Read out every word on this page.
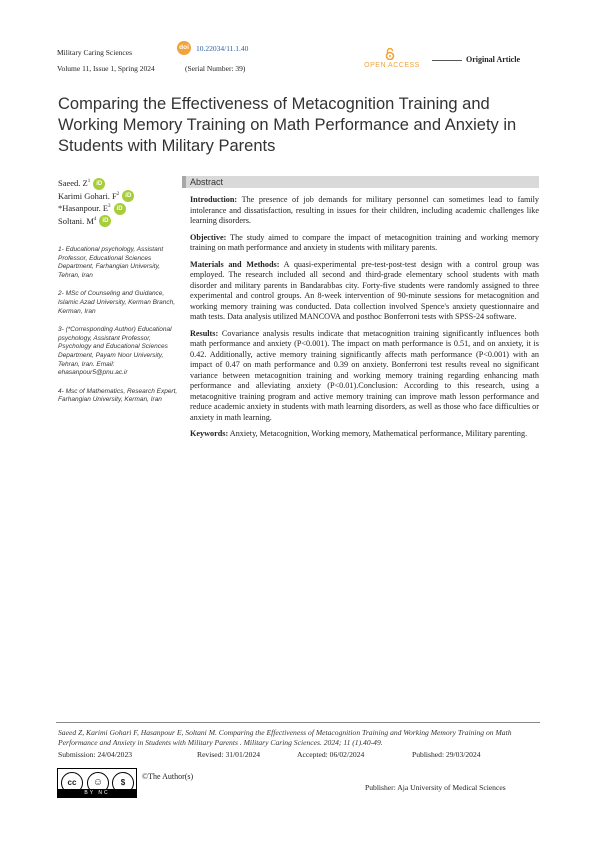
Military Caring Sciences
doi 10.22034/11.1.40
Volume 11, Issue 1, Spring 2024	(Serial Number: 39)	OPEN ACCESS
Original Article
Comparing the Effectiveness of Metacognition Training and Working Memory Training on Math Performance and Anxiety in Students with Military Parents
Saeed. $Z^1$ iD
Karimi Gohari. $F^2$ iD
*Hasanpour. $E^3$ iD
Soltani. $M^4$ iD
1- Educational psychology, Assistant Professor, Educational Sciences Department, Farhangian University, Tehran, Iran
2- MSc of Counseling and Guidance, Islamic Azad University, Kerman Branch, Kerman, Iran
3- (*Corresponding Author) Educational psychology, Assistant Professor, Psychology and Educational Sciences Department, Payam Noor University, Tehran, Iran. Email: ehasanpour5@pnu.ac.ir
4- Msc of Mathematics, Research Expert, Farhangian University, Kerman, Iran
Abstract

Introduction: The presence of job demands for military personnel can sometimes lead to family intolerance and dissatisfaction, resulting in issues for their children, including academic challenges like learning disorders.

Objective: The study aimed to compare the impact of metacognition training and working memory training on math performance and anxiety in students with military parents.

Materials and Methods: A quasi-experimental pre-test-post-test design with a control group was employed. The research included all second and third-grade elementary school students with math disorder and military parents in Bandarabbas city. Forty-five students were randomly assigned to three experimental and control groups. An 8-week intervention of 90-minute sessions for metacognition and working memory training was conducted. Data collection involved Spence's anxiety questionnaire and math tests. Data analysis utilized MANCOVA and posthoc Bonferroni tests with SPSS-24 software.

Results: Covariance analysis results indicate that metacognition training significantly influences both math performance and anxiety (P<0.001). The impact on math performance is 0.51, and on anxiety, it is 0.42. Additionally, active memory training significantly affects math performance (P<0.001) with an impact of 0.47 on math performance and 0.39 on anxiety. Bonferroni test results reveal no significant variance between metacognition training and working memory training regarding enhancing math performance and alleviating anxiety (P<0.01).Conclusion: According to this research, using a metacognitive training program and active memory training can improve math lesson performance and reduce academic anxiety in students with math learning disorders, as well as those who face difficulties or anxiety in math learning.

Keywords: Anxiety, Metacognition, Working memory, Mathematical performance, Military parenting.

Saeed Z, Karimi Gohari F, Hasanpour E, Soltani M. Comparing the Effectiveness of Metacognition Training and Working Memory Training on Math Performance and Anxiety in Students with Military Parents . Military Caring Sciences. 2024; 11 (1).40-49.
Submission: 24/04/2023	Revised: 31/01/2024	Accepted: 06/02/2024	Published: 29/03/2024
cc	☺	$
BY NC
©The Author(s)
Publisher: Aja University of Medical Sciences
